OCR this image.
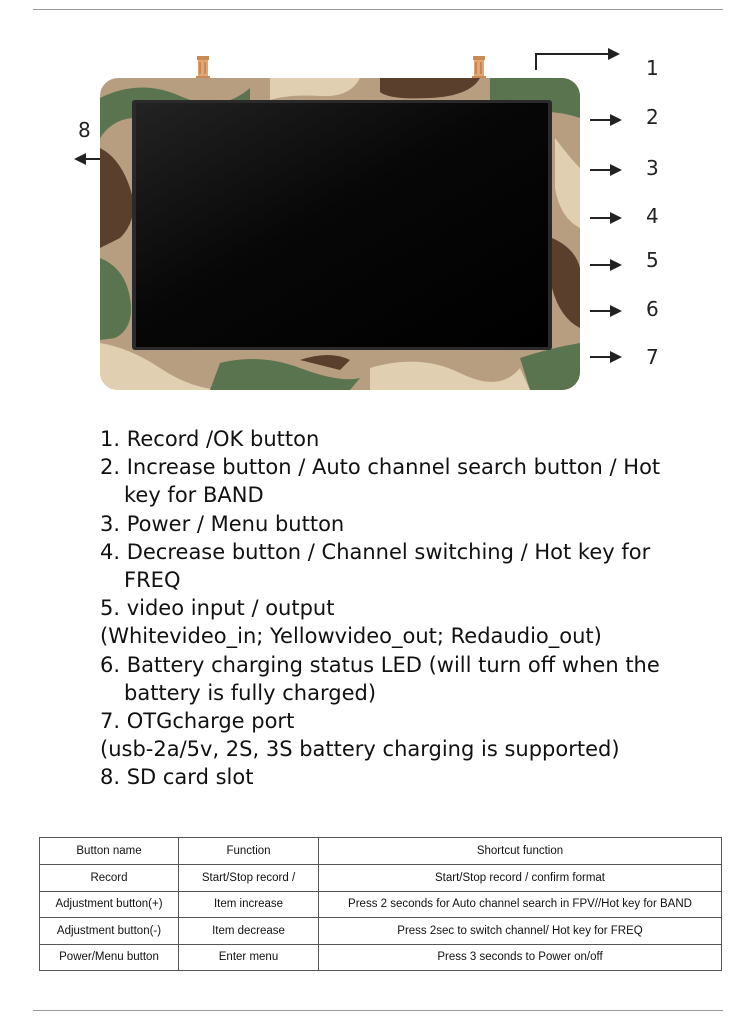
1
2
3
4
5
6
7
8
1. Record /OK button
2. Increase button / Auto channel search button / Hot
key for BAND
3. Power / Menu button
4. Decrease button / Channel switching / Hot key for
FREQ
5. video input / output
(Whitevideo_in; Yellowvideo_out; Redaudio_out)
6. Battery charging status LED (will turn off when the
battery is fully charged)
7. OTGcharge port
(usb-2a/5v, 2S, 3S battery charging is supported)
8. SD card slot
Button name	Function	Shortcut function
Record	Start/Stop record /	Start/Stop record / confirm format
Adjustment button(+)	Item increase	Press 2 seconds for Auto channel search in FPV//Hot key for BAND
Adjustment button(-)	Item decrease	Press 2sec to switch channel/ Hot key for FREQ
Power/Menu button	Enter menu	Press 3 seconds to Power on/off
